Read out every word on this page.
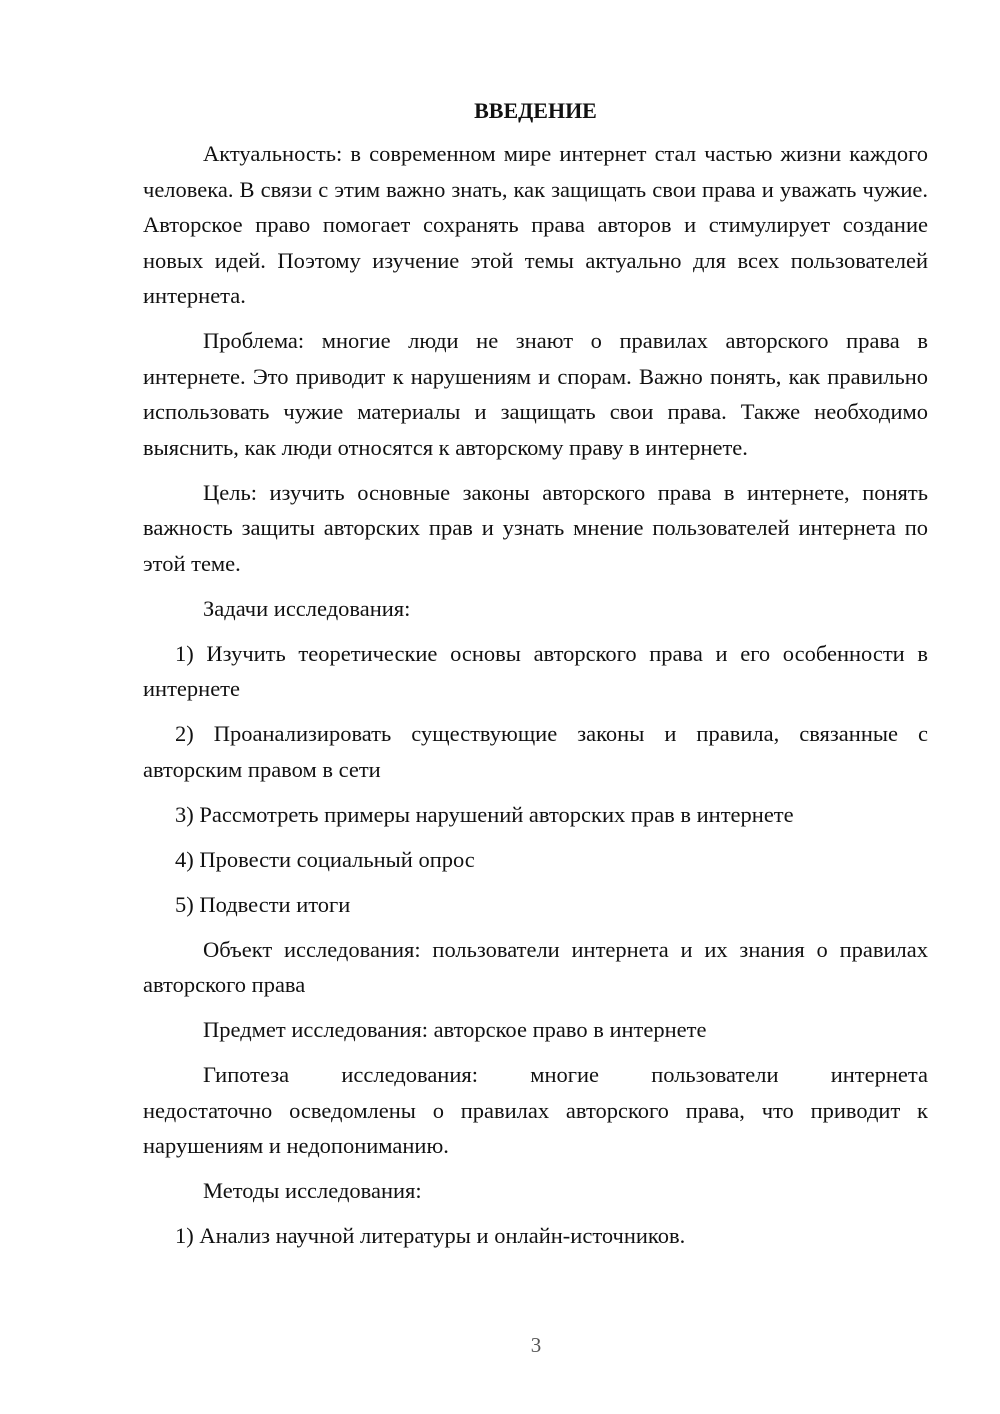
ВВЕДЕНИЕ
Актуальность: в современном мире интернет стал частью жизни каждого человека. В связи с этим важно знать, как защищать свои права и уважать чужие. Авторское право помогает сохранять права авторов и стимулирует создание новых идей. Поэтому изучение этой темы актуально для всех пользователей интернета.
Проблема: многие люди не знают о правилах авторского права в интернете. Это приводит к нарушениям и спорам. Важно понять, как правильно использовать чужие материалы и защищать свои права. Также необходимо выяснить, как люди относятся к авторскому праву в интернете.
Цель: изучить основные законы авторского права в интернете, понять важность защиты авторских прав и узнать мнение пользователей интернета по этой теме.
Задачи исследования:
1) Изучить теоретические основы авторского права и его особенности в интернете
2) Проанализировать существующие законы и правила, связанные с авторским правом в сети
3) Рассмотреть примеры нарушений авторских прав в интернете
4) Провести социальный опрос
5) Подвести итоги
Объект исследования: пользователи интернета и их знания о правилах авторского права
Предмет исследования: авторское право в интернете
Гипотеза исследования: многие пользователи интернета
недостаточно осведомлены о правилах авторского права, что приводит к нарушениям и недопониманию.
Методы исследования:
1) Анализ научной литературы и онлайн-источников.
3
